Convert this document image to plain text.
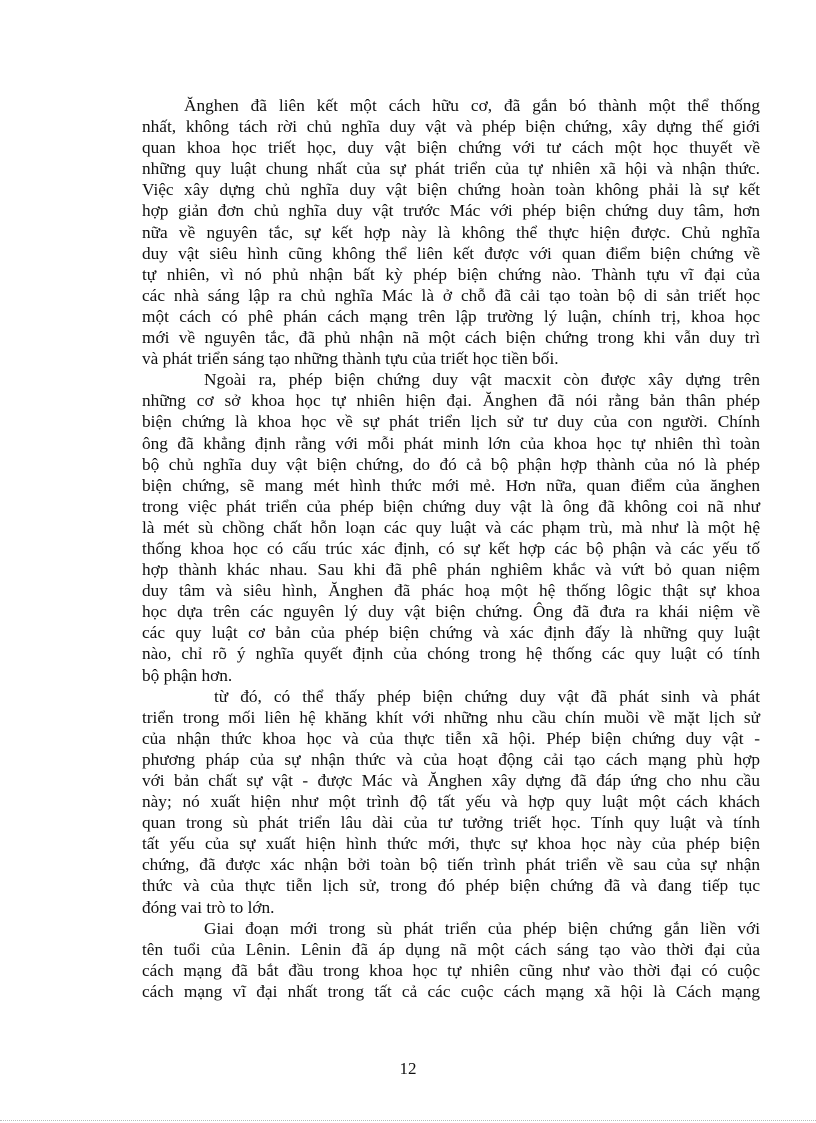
Ănghen đã liên kết một cách hữu cơ, đã gắn bó thành một thể thống
nhất, không tách rời chủ nghĩa duy vật và phép biện chứng, xây dựng thế giới
quan khoa học triết học, duy vật biện chứng với tư cách một học thuyết về
những quy luật chung nhất của sự phát triển của tự nhiên xã hội và nhận thức.
Việc xây dựng chủ nghĩa duy vật biện chứng hoàn toàn không phải là sự kết
hợp giản đơn chủ nghĩa duy vật trước Mác với phép biện chứng duy tâm, hơn
nữa về nguyên tắc, sự kết hợp này là không thể thực hiện được. Chủ nghĩa
duy vật siêu hình cũng không thể liên kết được với quan điểm biện chứng về
tự nhiên, vì nó phủ nhận bất kỳ phép biện chứng nào. Thành tựu vĩ đại của
các nhà sáng lập ra chủ nghĩa Mác là ở chỗ đã cải tạo toàn bộ di sản triết học
một cách có phê phán cách mạng trên lập trường lý luận, chính trị, khoa học
mới về nguyên tắc, đã phủ nhận nã một cách biện chứng trong khi vẫn duy trì
và phát triển sáng tạo những thành tựu của triết học tiền bối.
Ngoài ra, phép biện chứng duy vật macxit còn được xây dựng trên
những cơ sở khoa học tự nhiên hiện đại. Ănghen đã nói rằng bản thân phép
biện chứng là khoa học về sự phát triển lịch sử tư duy của con người. Chính
ông đã khẳng định rằng với mỗi phát minh lớn của khoa học tự nhiên thì toàn
bộ chủ nghĩa duy vật biện chứng, do đó cả bộ phận hợp thành của nó là phép
biện chứng, sẽ mang mét hình thức mới mẻ. Hơn nữa, quan điểm của ănghen
trong việc phát triển của phép biện chứng duy vật là ông đã không coi nã như
là mét sù chồng chất hỗn loạn các quy luật và các phạm trù, mà như là một hệ
thống khoa học có cấu trúc xác định, có sự kết hợp các bộ phận và các yếu tố
hợp thành khác nhau. Sau khi đã phê phán nghiêm khắc và vứt bỏ quan niệm
duy tâm và siêu hình, Ănghen đã phác hoạ một hệ thống lôgic thật sự khoa
học dựa trên các nguyên lý duy vật biện chứng. Ông đã đưa ra khái niệm về
các quy luật cơ bản của phép biện chứng và xác định đấy là những quy luật
nào, chỉ rõ ý nghĩa quyết định của chóng trong hệ thống các quy luật có tính
bộ phận hơn.
từ đó, có thể thấy phép biện chứng duy vật đã phát sinh và phát
triển trong mối liên hệ khăng khít với những nhu cầu chín muồi về mặt lịch sử
của nhận thức khoa học và của thực tiễn xã hội. Phép biện chứng duy vật -
phương pháp của sự nhận thức và của hoạt động cải tạo cách mạng phù hợp
với bản chất sự vật - được Mác và Ănghen xây dựng đã đáp ứng cho nhu cầu
này; nó xuất hiện như một trình độ tất yếu và hợp quy luật một cách khách
quan trong sù phát triển lâu dài của tư tưởng triết học. Tính quy luật và tính
tất yếu của sự xuất hiện hình thức mới, thực sự khoa học này của phép biện
chứng, đã được xác nhận bởi toàn bộ tiến trình phát triển về sau của sự nhận
thức và của thực tiễn lịch sử, trong đó phép biện chứng đã và đang tiếp tục
đóng vai trò to lớn.
Giai đoạn mới trong sù phát triển của phép biện chứng gắn liền với
tên tuổi của Lênin. Lênin đã áp dụng nã một cách sáng tạo vào thời đại của
cách mạng đã bắt đầu trong khoa học tự nhiên cũng như vào thời đại có cuộc
cách mạng vĩ đại nhất trong tất cả các cuộc cách mạng xã hội là Cách mạng
12
